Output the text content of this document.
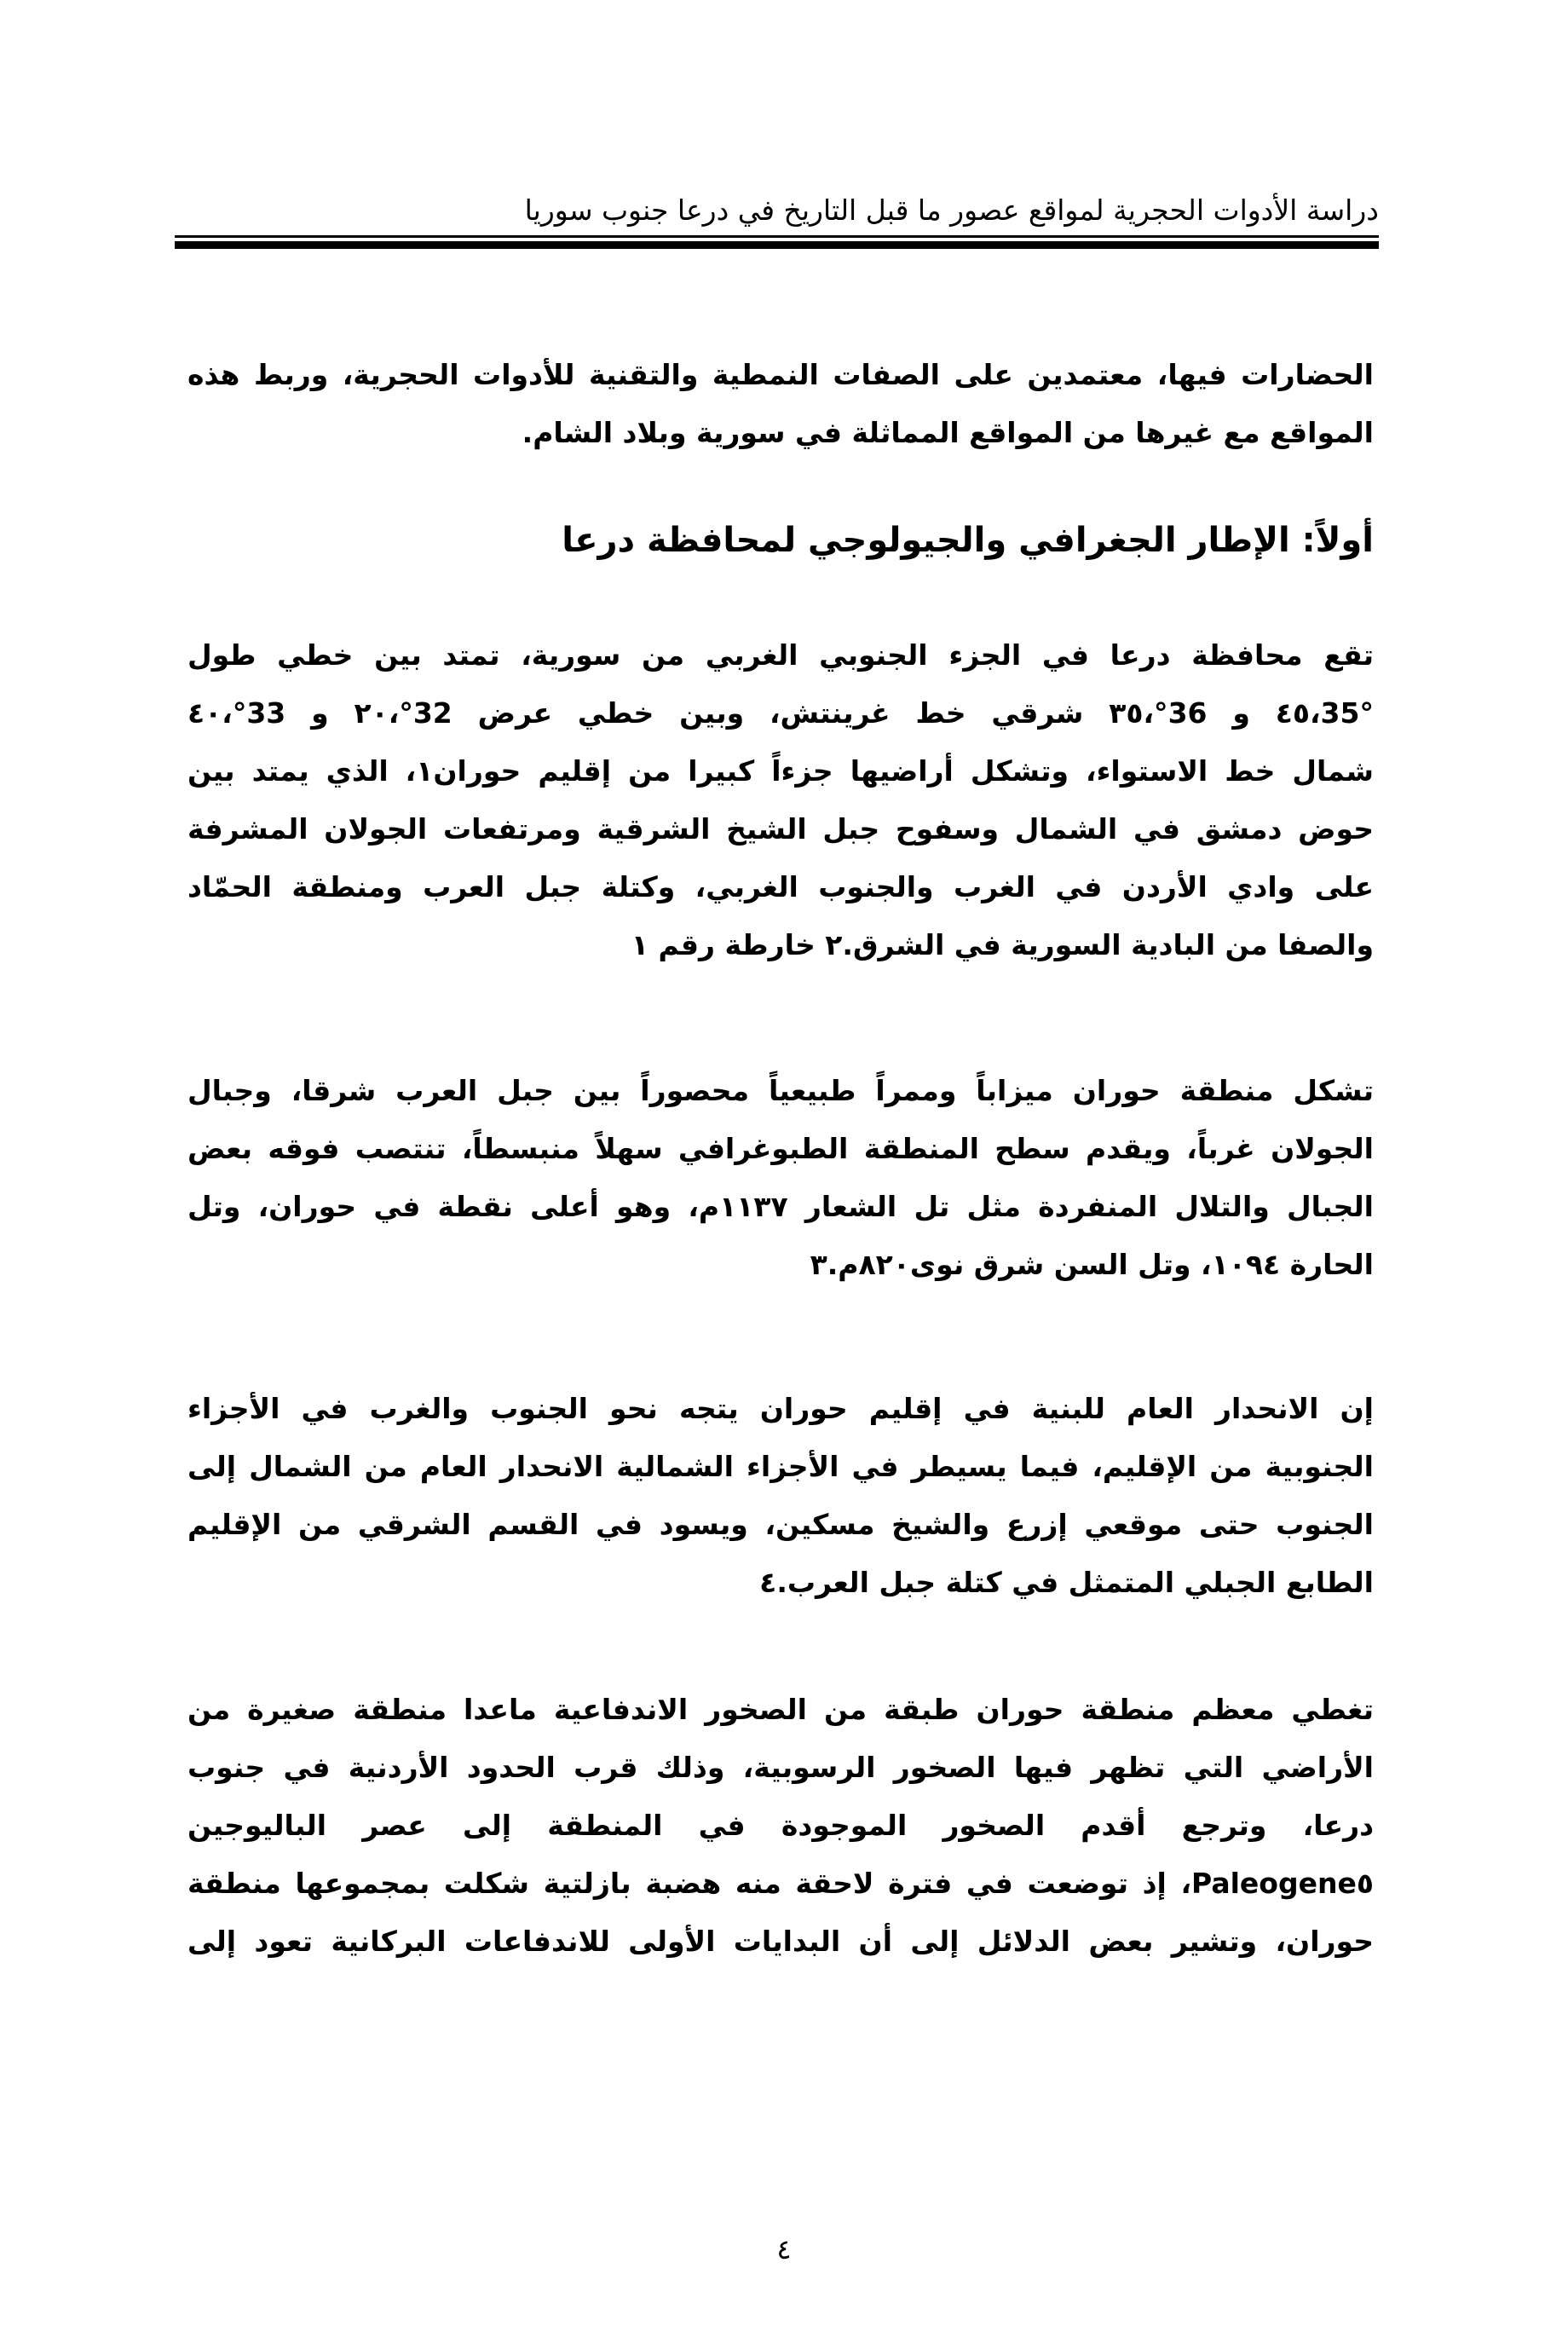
دراسة الأدوات الحجرية لمواقع عصور ما قبل التاريخ في درعا جنوب سوريا
الحضارات فيها، معتمدين على الصفات النمطية والتقنية للأدوات الحجرية، وربط هذه
المواقع مع غيرها من المواقع المماثلة في سورية وبلاد الشام.
أولاً: الإطار الجغرافي والجيولوجي لمحافظة درعا
تقع محافظة درعا في الجزء الجنوبي الغربي من سورية، تمتد بين خطي طول
35°،٤٥ و 36°،٣٥ شرقي خط غرينتش، وبين خطي عرض 32°،٢٠ و 33°،٤٠
شمال خط الاستواء، وتشكل أراضيها جزءاً كبيرا من إقليم حوران١، الذي يمتد بين
حوض دمشق في الشمال وسفوح جبل الشيخ الشرقية ومرتفعات الجولان المشرفة
على وادي الأردن في الغرب والجنوب الغربي، وكتلة جبل العرب ومنطقة الحمّاد
والصفا من البادية السورية في الشرق.٢ خارطة رقم ١
تشكل منطقة حوران ميزاباً وممراً طبيعياً محصوراً بين جبل العرب شرقا، وجبال
الجولان غرباً، ويقدم سطح المنطقة الطبوغرافي سهلاً منبسطاً، تنتصب فوقه بعض
الجبال والتلال المنفردة مثل تل الشعار ١١٣٧م، وهو أعلى نقطة في حوران، وتل
الحارة ١٠٩٤، وتل السن شرق نوى٨٢٠م.٣
إن الانحدار العام للبنية في إقليم حوران يتجه نحو الجنوب والغرب في الأجزاء
الجنوبية من الإقليم، فيما يسيطر في الأجزاء الشمالية الانحدار العام من الشمال إلى
الجنوب حتى موقعي إزرع والشيخ مسكين، ويسود في القسم الشرقي من الإقليم
الطابع الجبلي المتمثل في كتلة جبل العرب.٤
تغطي معظم منطقة حوران طبقة من الصخور الاندفاعية ماعدا منطقة صغيرة من
الأراضي التي تظهر فيها الصخور الرسوبية، وذلك قرب الحدود الأردنية في جنوب
درعا، وترجع أقدم الصخور الموجودة في المنطقة إلى عصر الباليوجين
Paleogene٥، إذ توضعت في فترة لاحقة منه هضبة بازلتية شكلت بمجموعها منطقة
حوران، وتشير بعض الدلائل إلى أن البدايات الأولى للاندفاعات البركانية تعود إلى
٤
